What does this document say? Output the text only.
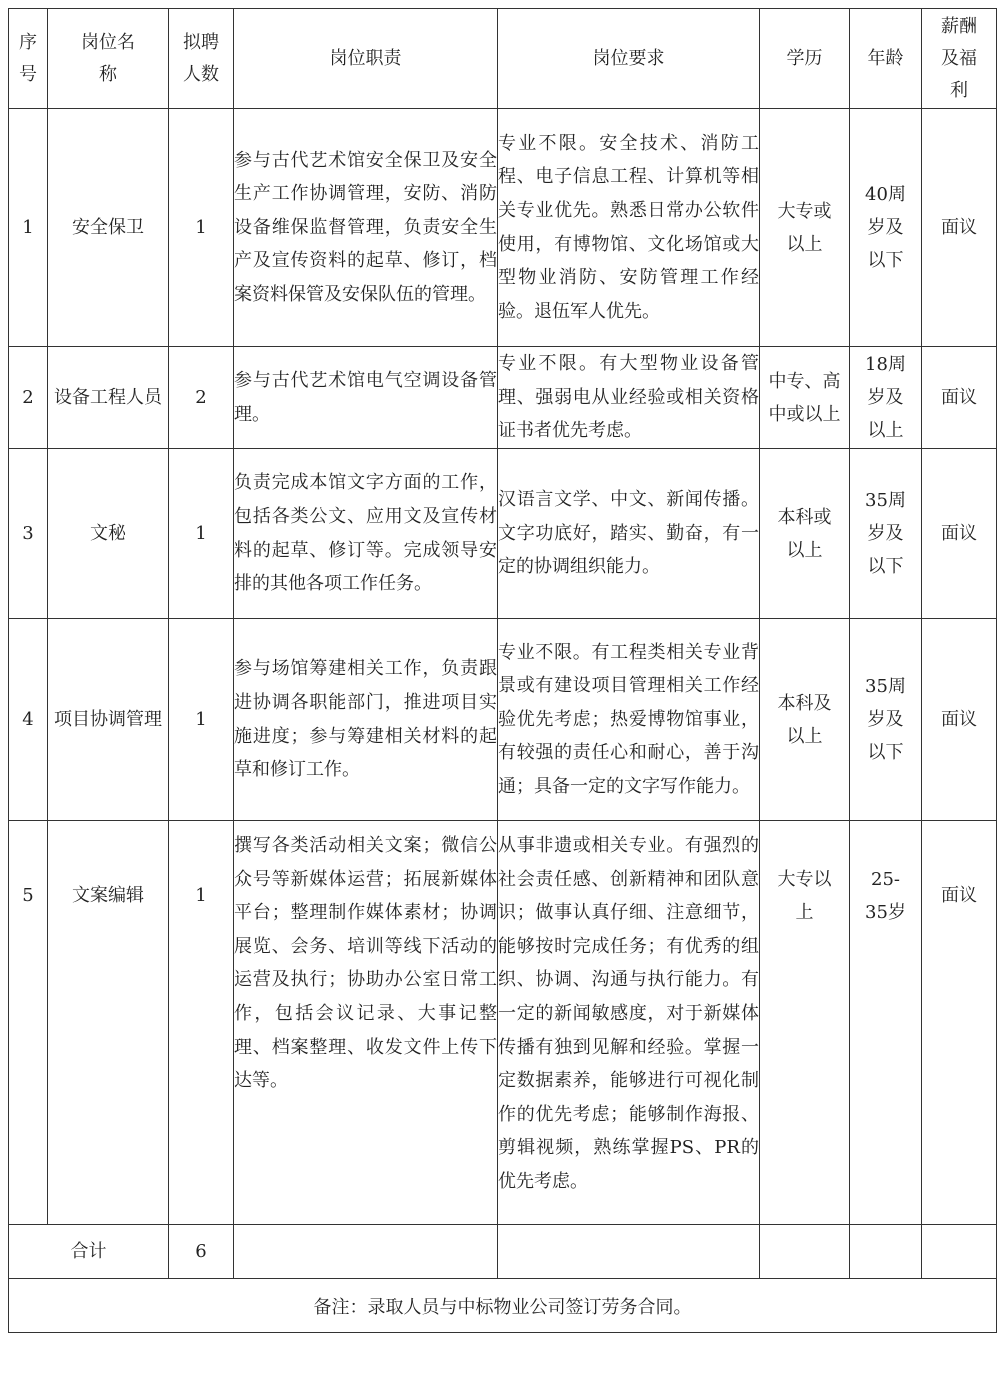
序号	岗位名称	拟聘人数	岗位职责	岗位要求	学历	年龄	薪酬及福利
1	安全保卫	1	参与古代艺术馆安全保卫及安全生产工作协调管理，安防、消防设备维保监督管理，负责安全生产及宣传资料的起草、修订，档案资料保管及安保队伍的管理。	专业不限。安全技术、消防工程、电子信息工程、计算机等相关专业优先。熟悉日常办公软件使用，有博物馆、文化场馆或大型物业消防、安防管理工作经验。退伍军人优先。	大专或以上	40周岁及以下	面议
2	设备工程人员	2	参与古代艺术馆电气空调设备管理。	专业不限。有大型物业设备管理、强弱电从业经验或相关资格证书者优先考虑。	中专、高中或以上	18周岁及以上	面议
3	文秘	1	负责完成本馆文字方面的工作，包括各类公文、应用文及宣传材料的起草、修订等。完成领导安排的其他各项工作任务。	汉语言文学、中文、新闻传播。文字功底好，踏实、勤奋，有一定的协调组织能力。	本科或以上	35周岁及以下	面议
4	项目协调管理	1	参与场馆筹建相关工作，负责跟进协调各职能部门，推进项目实施进度；参与筹建相关材料的起草和修订工作。	专业不限。有工程类相关专业背景或有建设项目管理相关工作经验优先考虑；热爱博物馆事业，有较强的责任心和耐心，善于沟通；具备一定的文字写作能力。	本科及以上	35周岁及以下	面议
5	文案编辑	1	撰写各类活动相关文案；微信公众号等新媒体运营；拓展新媒体平台；整理制作媒体素材；协调展览、会务、培训等线下活动的运营及执行；协助办公室日常工作，包括会议记录、大事记整理、档案整理、收发文件上传下达等。	从事非遗或相关专业。有强烈的社会责任感、创新精神和团队意识；做事认真仔细、注意细节，能够按时完成任务；有优秀的组织、协调、沟通与执行能力。有一定的新闻敏感度，对于新媒体传播有独到见解和经验。掌握一定数据素养，能够进行可视化制作的优先考虑；能够制作海报、剪辑视频，熟练掌握PS、PR的优先考虑。	大专以上	25-35岁	面议
合计		6					
备注：录取人员与中标物业公司签订劳务合同。							
